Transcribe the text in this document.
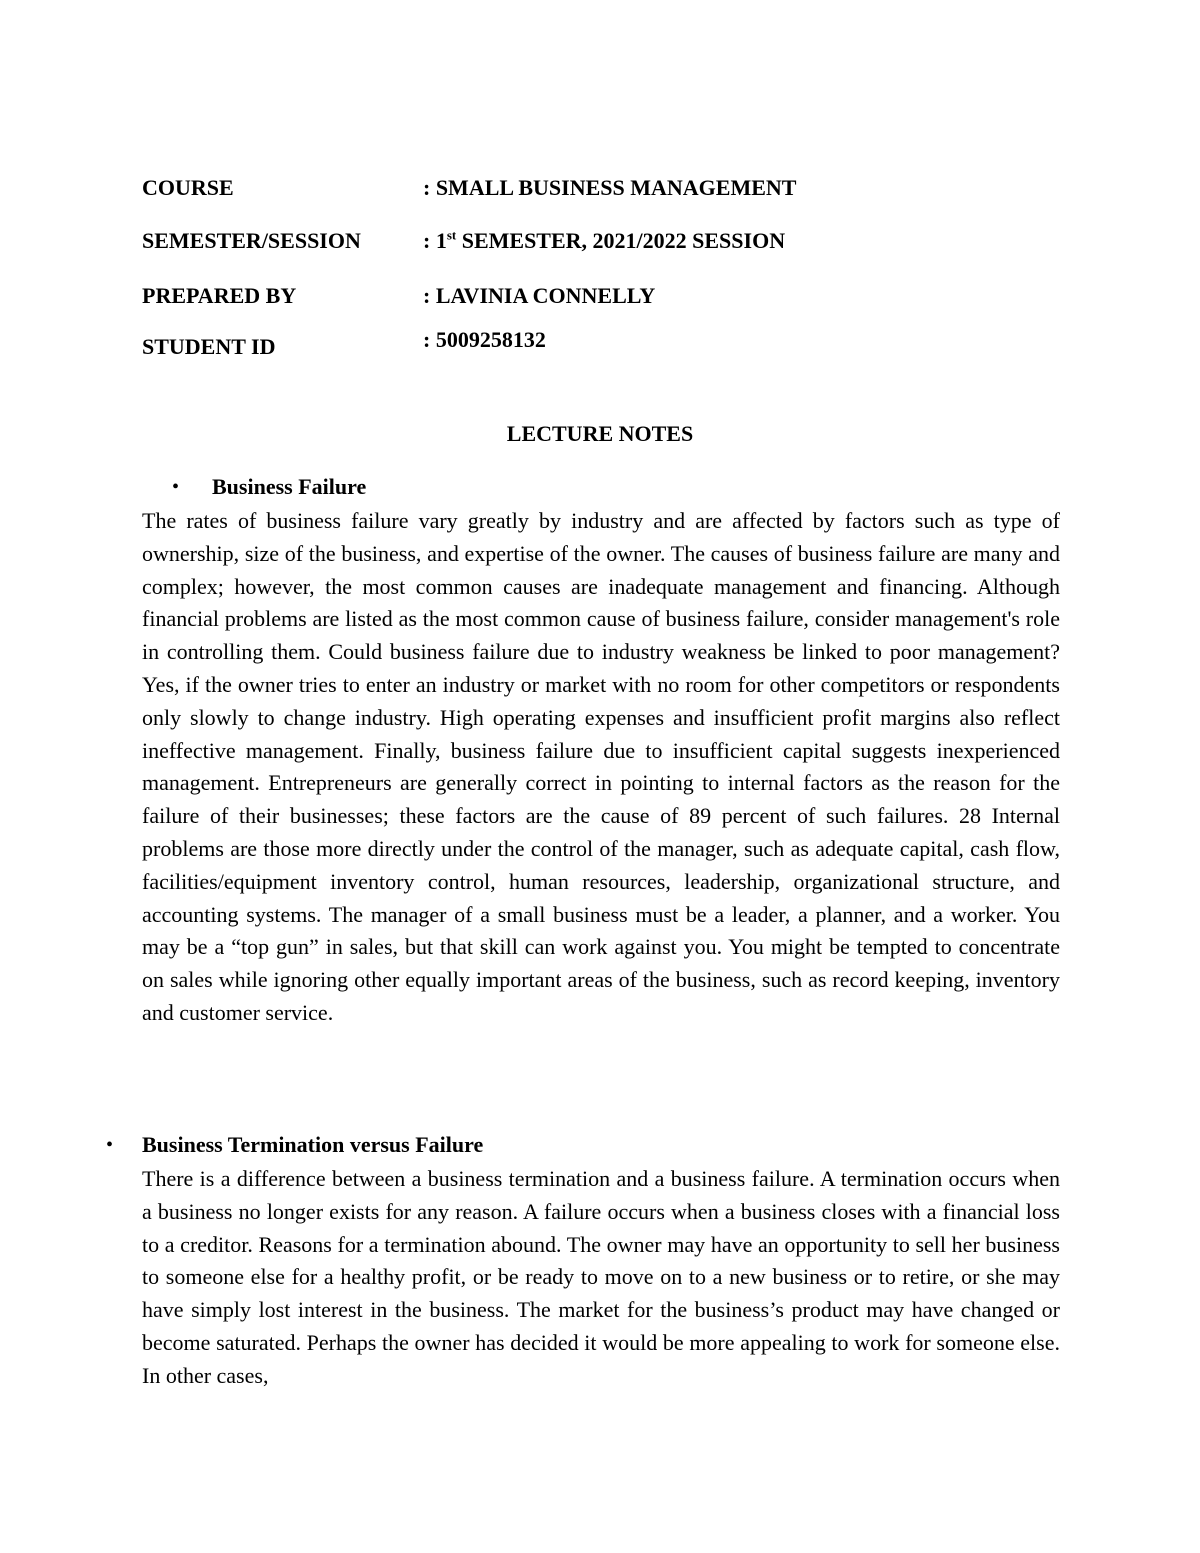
COURSE	: SMALL BUSINESS MANAGEMENT
SEMESTER/SESSION	: 1st SEMESTER, 2021/2022 SESSION
PREPARED BY	: LAVINIA CONNELLY
STUDENT ID	: 5009258132
LECTURE NOTES
• Business Failure

The rates of business failure vary greatly by industry and are affected by factors such as type of ownership, size of the business, and expertise of the owner. The causes of business failure are many and complex; however, the most common causes are inadequate management and financing. Although financial problems are listed as the most common cause of business failure, consider management's role in controlling them. Could business failure due to industry weakness be linked to poor management? Yes, if the owner tries to enter an industry or market with no room for other competitors or respondents only slowly to change industry. High operating expenses and insufficient profit margins also reflect ineffective management. Finally, business failure due to insufficient capital suggests inexperienced management. Entrepreneurs are generally correct in pointing to internal factors as the reason for the failure of their businesses; these factors are the cause of 89 percent of such failures. 28 Internal problems are those more directly under the control of the manager, such as adequate capital, cash flow, facilities/equipment inventory control, human resources, leadership, organizational structure, and accounting systems. The manager of a small business must be a leader, a planner, and a worker. You may be a “top gun” in sales, but that skill can work against you. You might be tempted to concentrate on sales while ignoring other equally important areas of the business, such as record keeping, inventory and customer service.

• Business Termination versus Failure

There is a difference between a business termination and a business failure. A termination occurs when a business no longer exists for any reason. A failure occurs when a business closes with a financial loss to a creditor. Reasons for a termination abound. The owner may have an opportunity to sell her business to someone else for a healthy profit, or be ready to move on to a new business or to retire, or she may have simply lost interest in the business. The market for the business’s product may have changed or become saturated. Perhaps the owner has decided it would be more appealing to work for someone else. In other cases,
